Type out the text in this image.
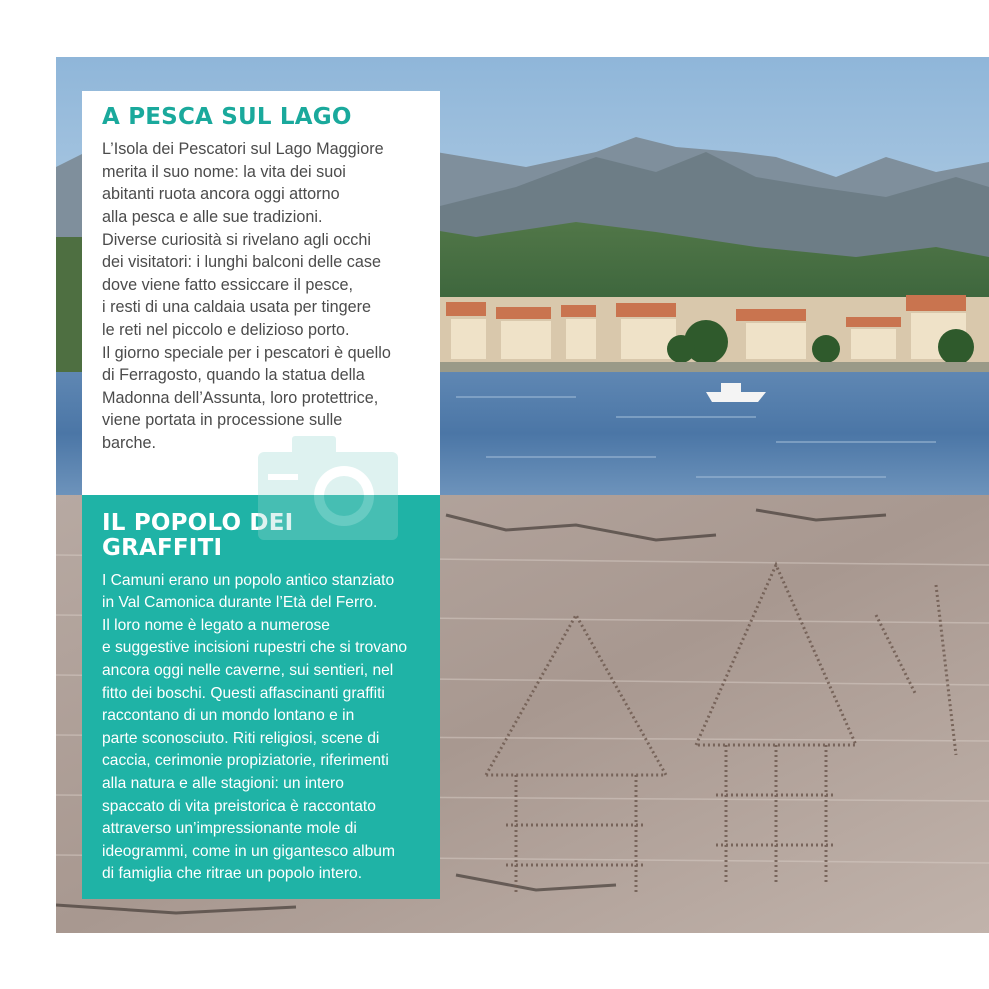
A PESCA SUL LAGO

L’Isola dei Pescatori sul Lago Maggiore

merita il suo nome: la vita dei suoi

abitanti ruota ancora oggi attorno

alla pesca e alle sue tradizioni.

Diverse curiosità si rivelano agli occhi

dei visitatori: i lunghi balconi delle case

dove viene fatto essiccare il pesce,

i resti di una caldaia usata per tingere

le reti nel piccolo e delizioso porto.

Il giorno speciale per i pescatori è quello

di Ferragosto, quando la statua della

Madonna dell’Assunta, loro protettrice,

viene portata in processione sulle

barche.

IL POPOLO DEI GRAFFITI

I Camuni erano un popolo antico stanziato

in Val Camonica durante l’Età del Ferro.

Il loro nome è legato a numerose

e suggestive incisioni rupestri che si trovano

ancora oggi nelle caverne, sui sentieri, nel

fitto dei boschi. Questi affascinanti graffiti

raccontano di un mondo lontano e in

parte sconosciuto. Riti religiosi, scene di

caccia, cerimonie propiziatorie, riferimenti

alla natura e alle stagioni: un intero

spaccato di vita preistorica è raccontato

attraverso un’impressionante mole di

ideogrammi, come in un gigantesco album

di famiglia che ritrae un popolo intero.
